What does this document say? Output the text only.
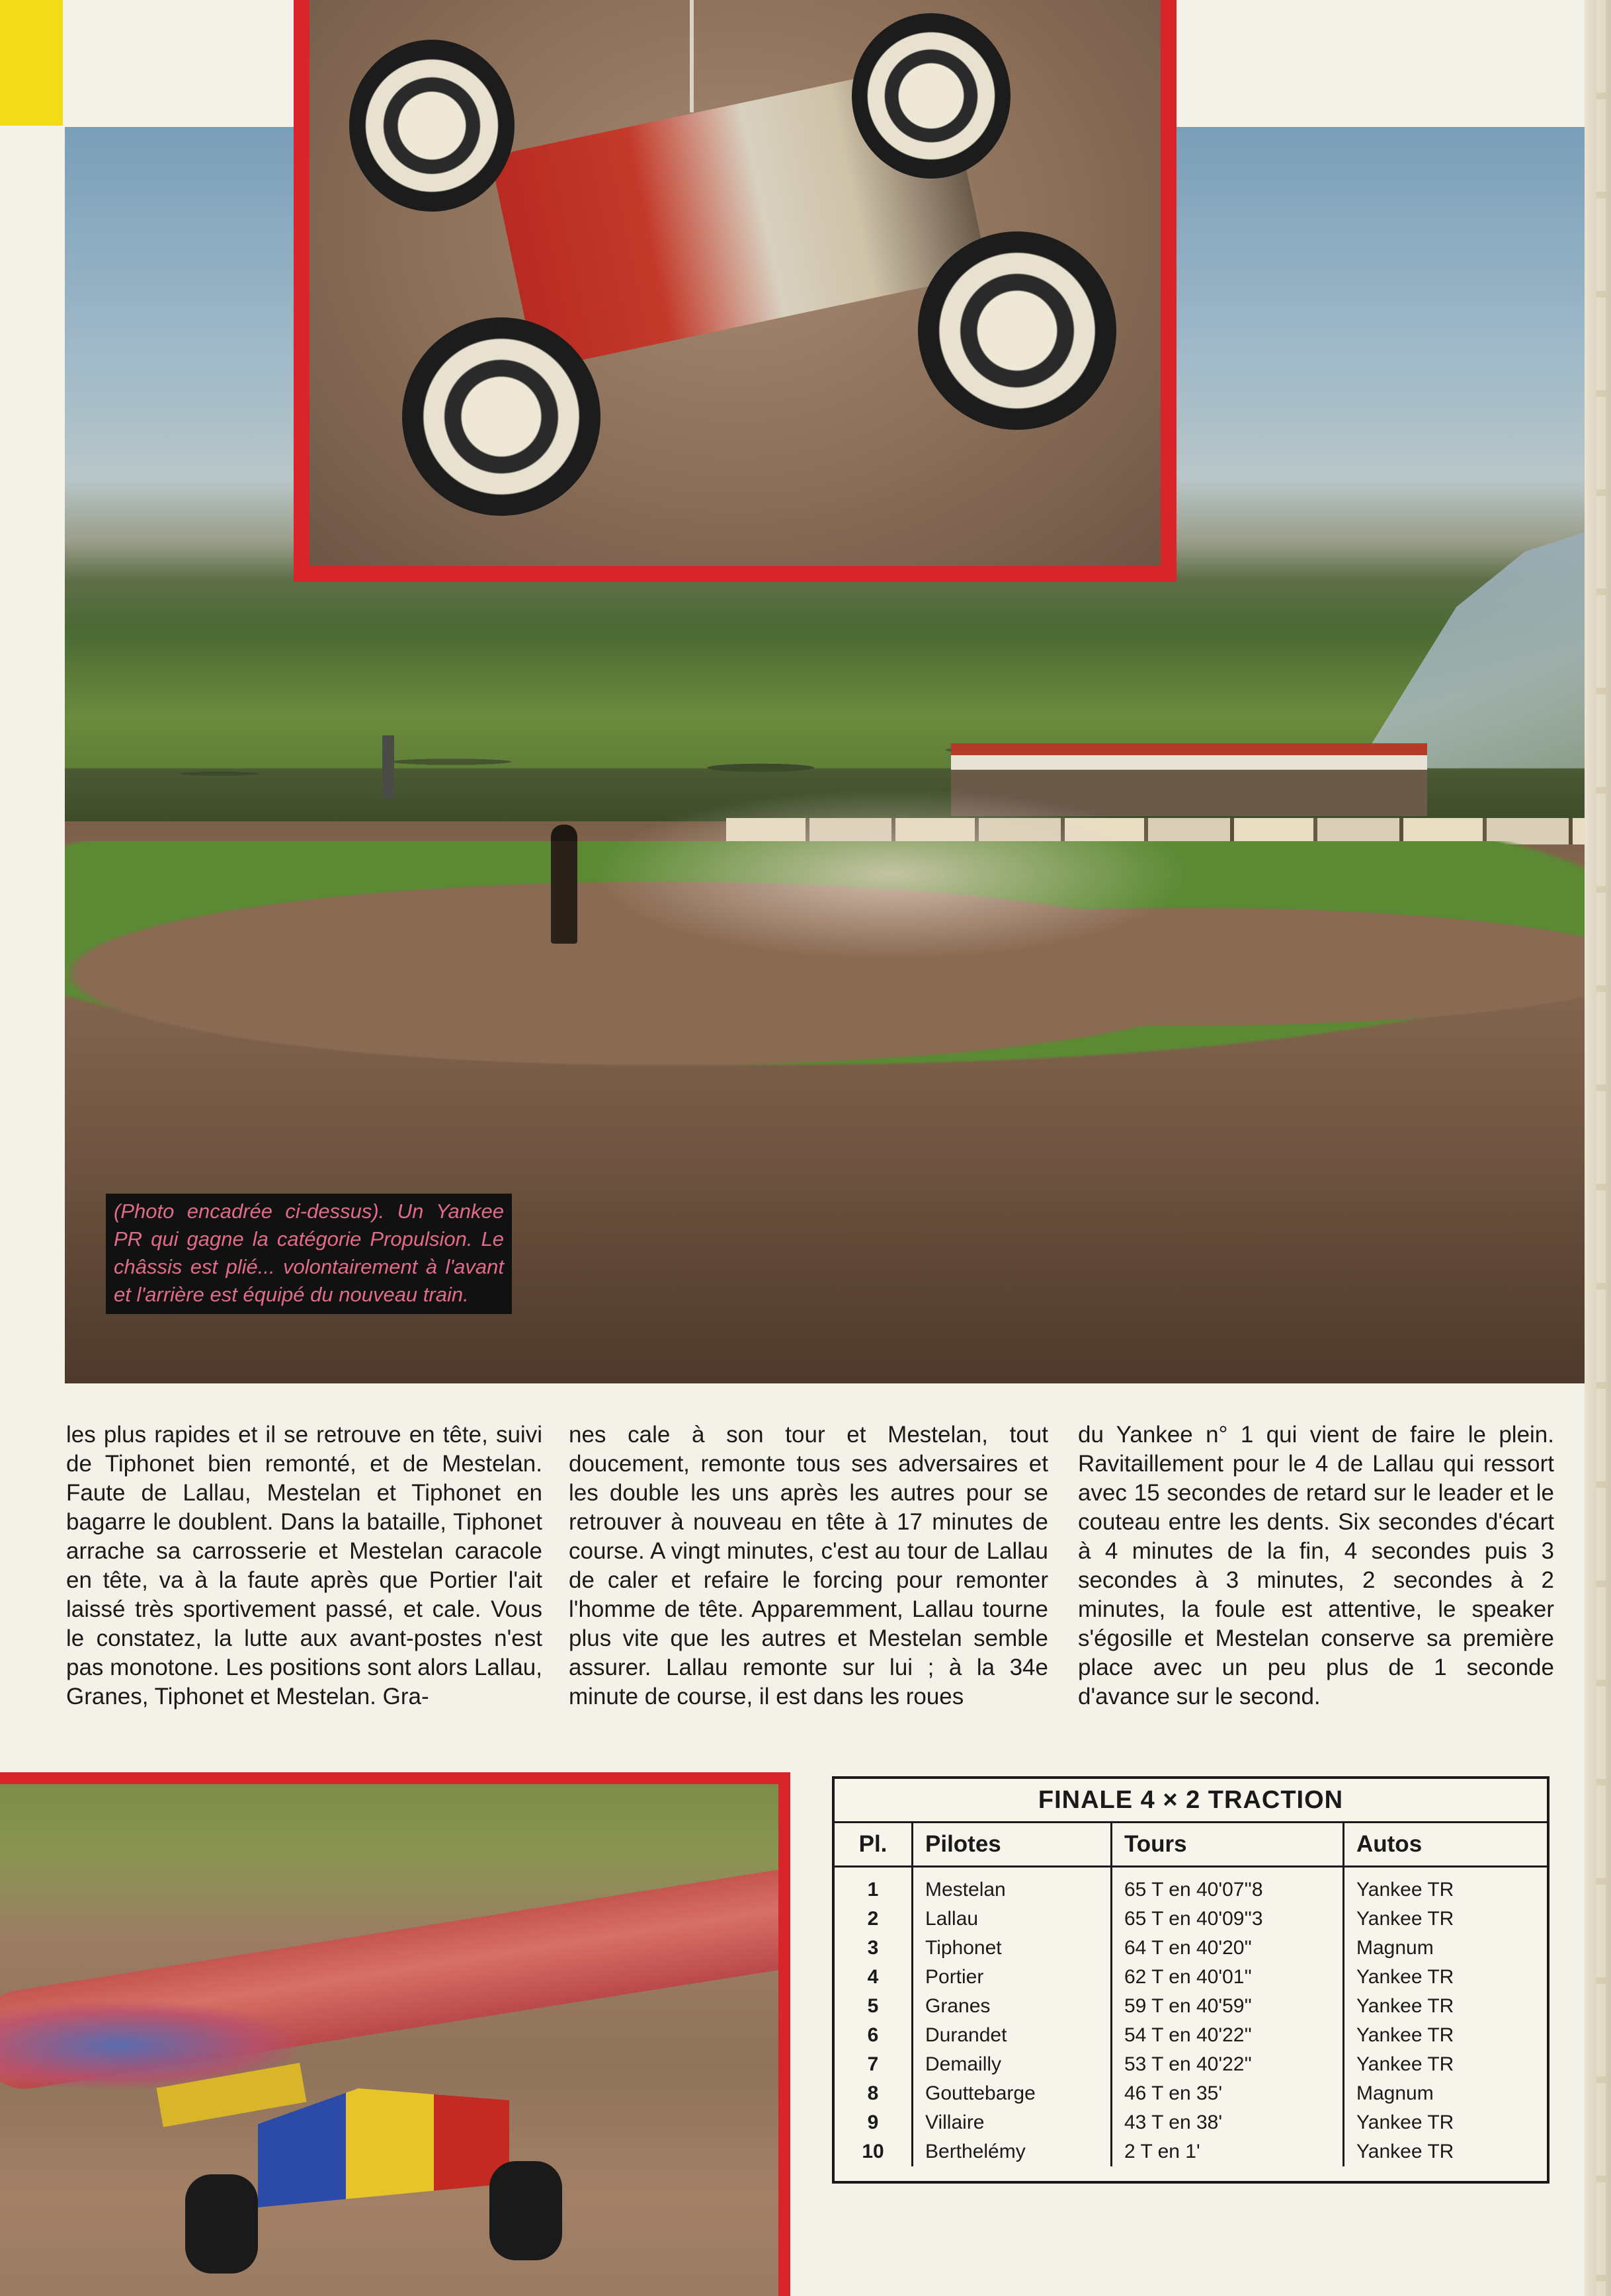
(Photo encadrée ci-dessus). Un Yankee PR qui gagne la catégorie Propulsion. Le châssis est plié... volontairement à l'avant et l'arrière est équipé du nouveau train.

les plus rapides et il se retrouve en tête, suivi de Tiphonet bien remonté, et de Mestelan. Faute de Lallau, Mestelan et Tiphonet en bagarre le doublent. Dans la bataille, Tiphonet arrache sa carrosserie et Mestelan caracole en tête, va à la faute après que Portier l'ait laissé très sportivement passé, et cale. Vous le constatez, la lutte aux avant-postes n'est pas monotone. Les positions sont alors Lallau, Granes, Tiphonet et Mestelan. Gra-

nes cale à son tour et Mestelan, tout doucement, remonte tous ses adversaires et les double les uns après les autres pour se retrouver à nouveau en tête à 17 minutes de course. A vingt minutes, c'est au tour de Lallau de caler et refaire le forcing pour remonter l'homme de tête. Apparemment, Lallau tourne plus vite que les autres et Mestelan semble assurer. Lallau remonte sur lui ; à la 34e minute de course, il est dans les roues

du Yankee n° 1 qui vient de faire le plein. Ravitaillement pour le 4 de Lallau qui ressort avec 15 secondes de retard sur le leader et le couteau entre les dents. Six secondes d'écart à 4 minutes de la fin, 4 secondes puis 3 secondes à 3 minutes, 2 secondes à 2 minutes, la foule est attentive, le speaker s'égosille et Mestelan conserve sa première place avec un peu plus de 1 seconde d'avance sur le second.

FINALE 4 × 2 TRACTION
Pl.	Pilotes	Tours	Autos
1	Mestelan	65 T en 40'07''8	Yankee TR
2	Lallau	65 T en 40'09''3	Yankee TR
3	Tiphonet	64 T en 40'20''	Magnum
4	Portier	62 T en 40'01''	Yankee TR
5	Granes	59 T en 40'59''	Yankee TR
6	Durandet	54 T en 40'22''	Yankee TR
7	Demailly	53 T en 40'22''	Yankee TR
8	Gouttebarge	46 T en 35'	Magnum
9	Villaire	43 T en 38'	Yankee TR
10	Berthelémy	2 T en 1'	Yankee TR
